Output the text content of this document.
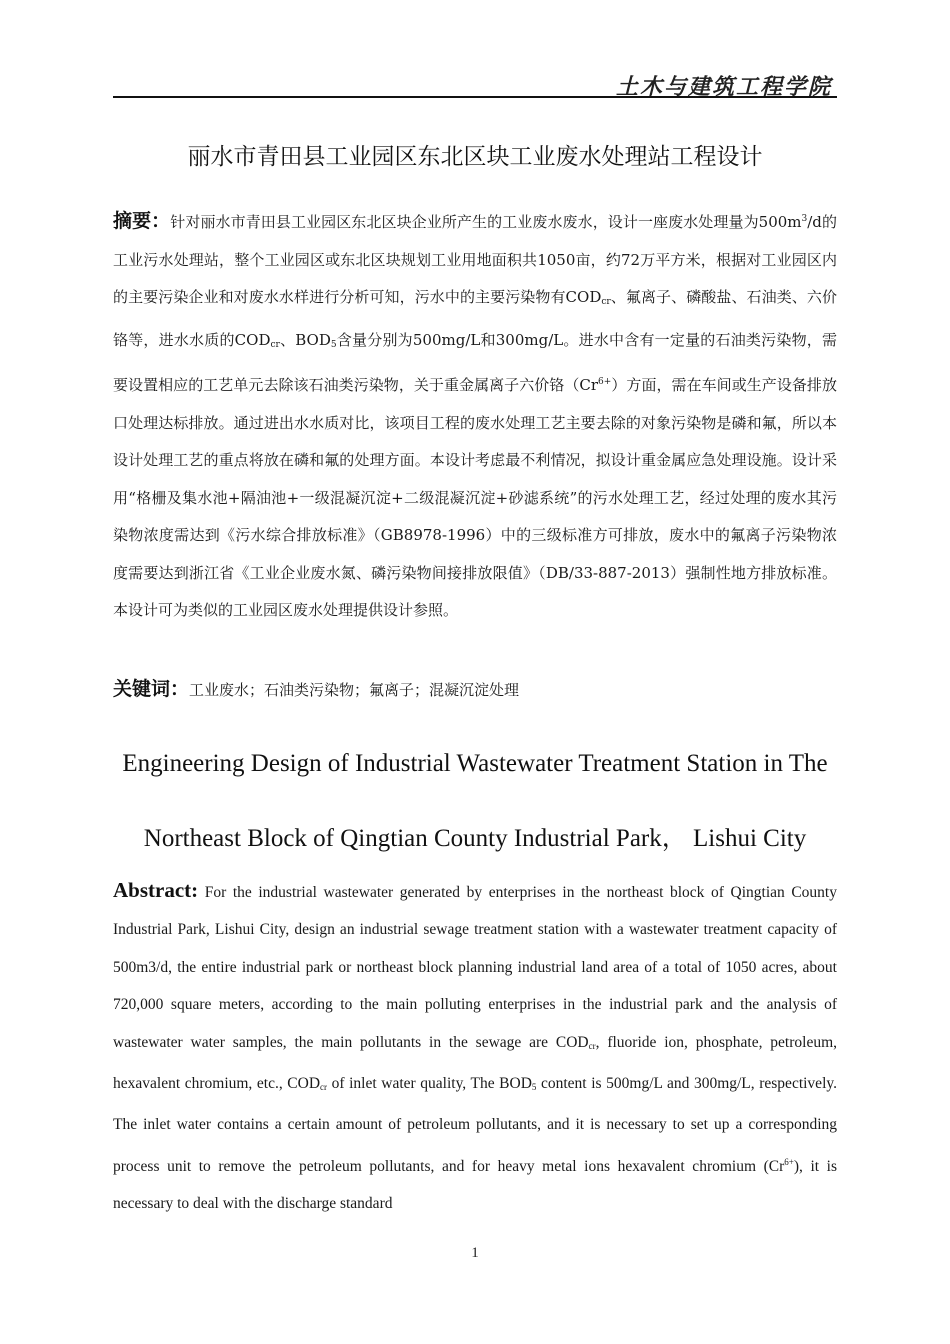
土木与建筑工程学院
丽水市青田县工业园区东北区块工业废水处理站工程设计
摘要：针对丽水市青田县工业园区东北区块企业所产生的工业废水废水，设计一座废水处理量为$500m^3/d$的工业污水处理站，整个工业园区或东北区块规划工业用地面积共1050亩，约72万平方米，根据对工业园区内的主要污染企业和对废水水样进行分析可知，污水中的主要污染物有$COD_{cr}$、氟离子、磷酸盐、石油类、六价铬等，进水水质的$COD_{cr}$、$BOD_5$含量分别为500mg/L和300mg/L。进水中含有一定量的石油类污染物，需要设置相应的工艺单元去除该石油类污染物，关于重金属离子六价铬$(Cr^{6+})$方面，需在车间或生产设备排放口处理达标排放。通过进出水水质对比，该项目工程的废水处理工艺主要去除的对象污染物是磷和氟，所以本设计处理工艺的重点将放在磷和氟的处理方面。本设计考虑最不利情况，拟设计重金属应急处理设施。设计采用“格栅及集水池+隔油池+一级混凝沉淀+二级混凝沉淀+砂滤系统”的污水处理工艺，经过处理的废水其污染物浓度需达到《污水综合排放标准》（GB8978-1996）中的三级标准方可排放，废水中的氟离子污染物浓度需要达到浙江省《工业企业废水氮、磷污染物间接排放限值》（DB/33-887-2013）强制性地方排放标准。本设计可为类似的工业园区废水处理提供设计参照。
关键词：工业废水；石油类污染物；氟离子；混凝沉淀处理
Engineering Design of Industrial Wastewater Treatment Station in The
Northeast Block of Qingtian County Industrial Park， Lishui City
Abstract: For the industrial wastewater generated by enterprises in the northeast block of Qingtian County Industrial Park, Lishui City, design an industrial sewage treatment station with a wastewater treatment capacity of 500m3/d, the entire industrial park or northeast block planning industrial land area of a total of 1050 acres, about 720,000 square meters, according to the main polluting enterprises in the industrial park and the analysis of wastewater water samples, the main pollutants in the sewage are $COD_{cr}$, fluoride ion, phosphate, petroleum, hexavalent chromium, etc., $COD_{cr}$ of inlet water quality, The $BOD_5$ content is 500mg/L and 300mg/L, respectively. The inlet water contains a certain amount of petroleum pollutants, and it is necessary to set up a corresponding process unit to remove the petroleum pollutants, and for heavy metal ions hexavalent chromium $(Cr^{6+})$, it is necessary to deal with the discharge standard
1
